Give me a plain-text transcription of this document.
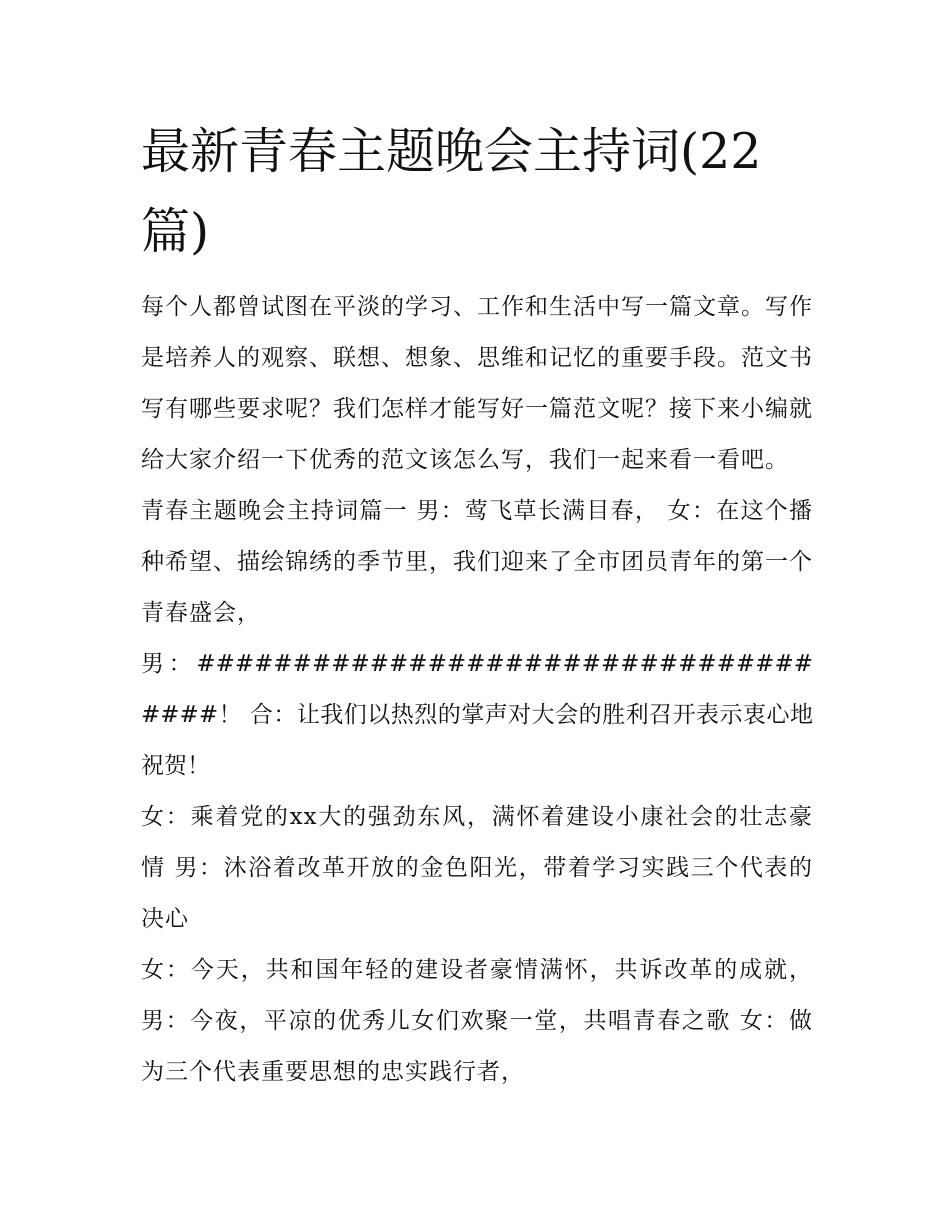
最新青春主题晚会主持词(22篇)

每个人都曾试图在平淡的学习、工作和生活中写一篇文章。写作是培养人的观察、联想、想象、思维和记忆的重要手段。范文书写有哪些要求呢？我们怎样才能写好一篇范文呢？接下来小编就给大家介绍一下优秀的范文该怎么写，我们一起来看一看吧。

青春主题晚会主持词篇一 男：莺飞草长满目春， 女：在这个播种希望、描绘锦绣的季节里，我们迎来了全市团员青年的第一个青春盛会，

男：####################################！ 合：让我们以热烈的掌声对大会的胜利召开表示衷心地祝贺！

女：乘着党的xx大的强劲东风，满怀着建设小康社会的壮志豪情 男：沐浴着改革开放的金色阳光，带着学习实践三个代表的决心

女：今天，共和国年轻的建设者豪情满怀，共诉改革的成就，男：今夜，平凉的优秀儿女们欢聚一堂，共唱青春之歌 女：做为三个代表重要思想的忠实践行者，
